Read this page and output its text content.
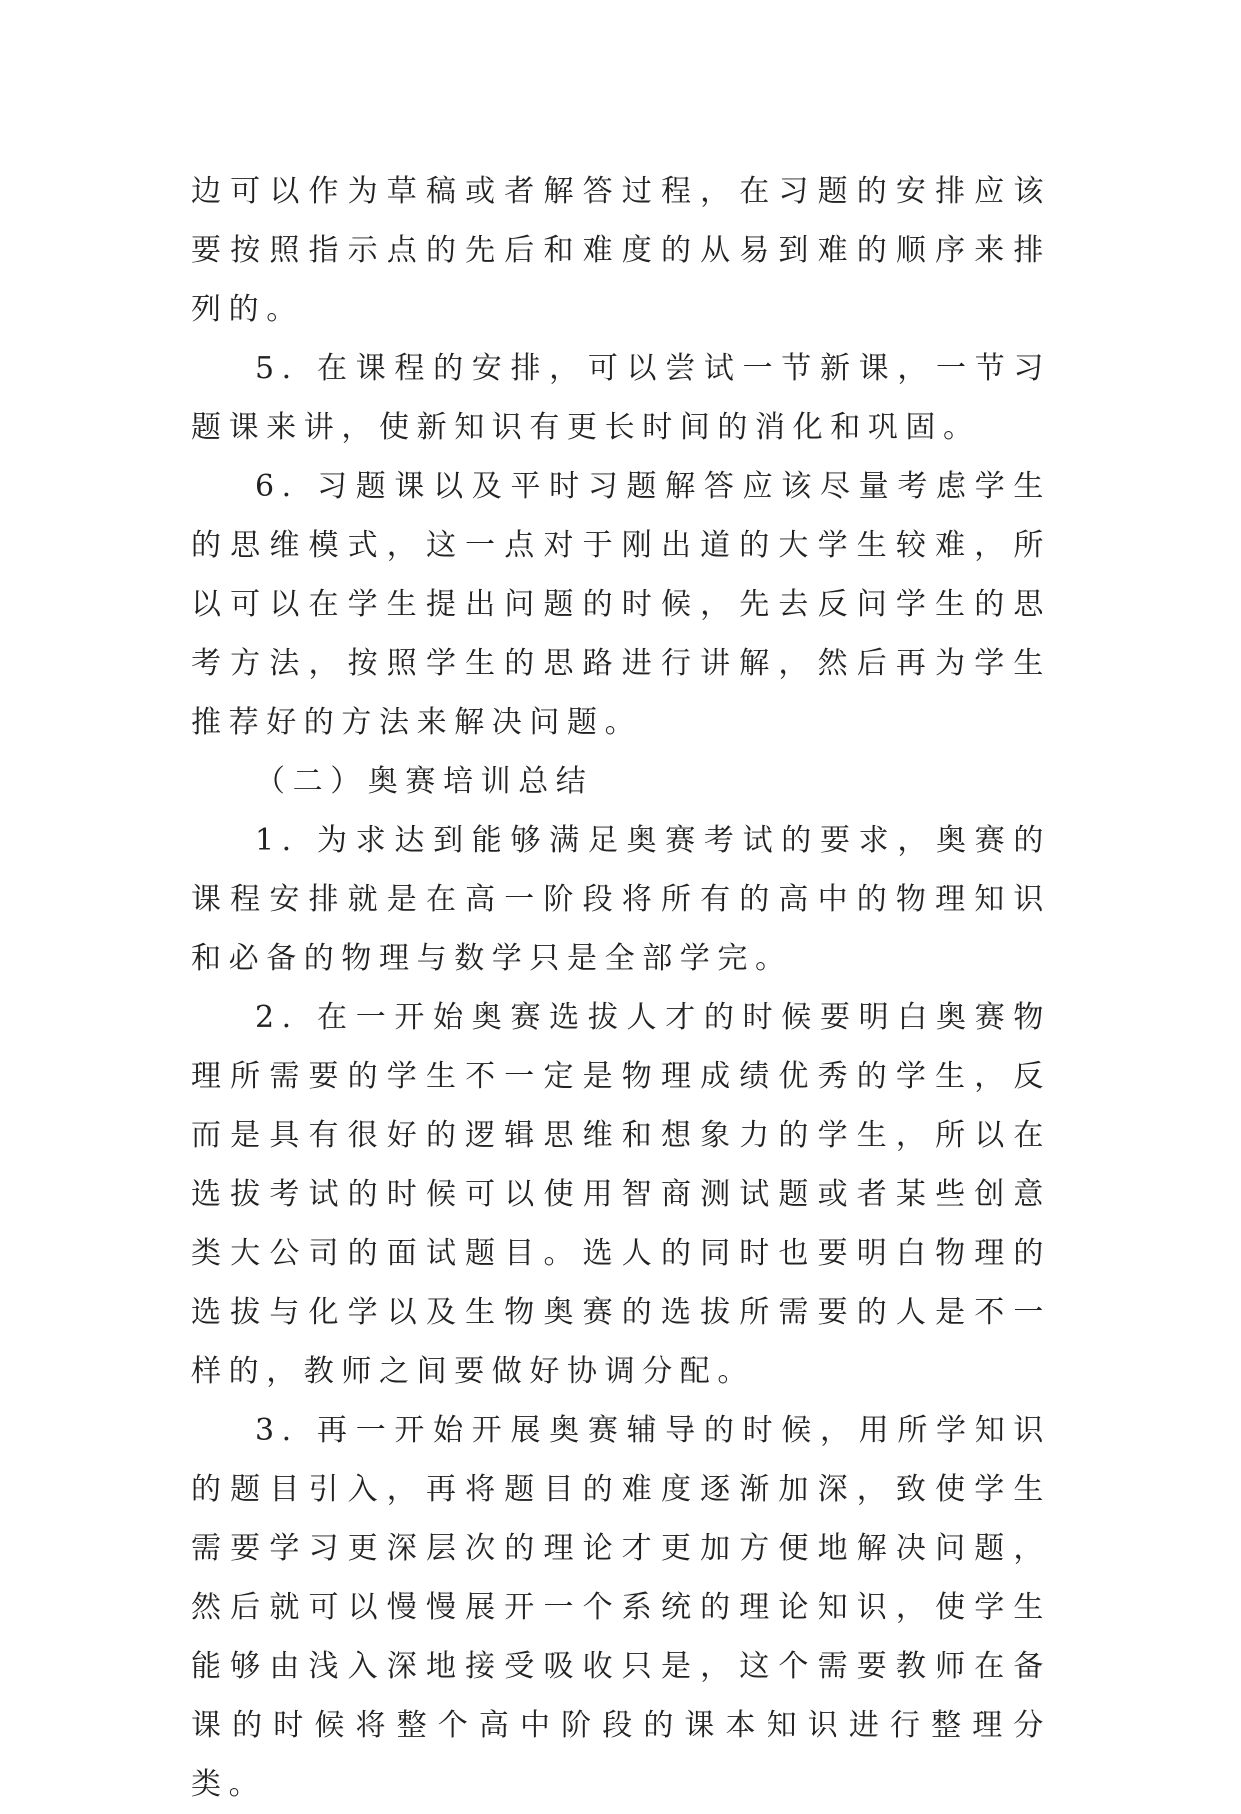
边可以作为草稿或者解答过程，在习题的安排应该要按照指示点的先后和难度的从易到难的顺序来排列的。

5. 在课程的安排，可以尝试一节新课，一节习题课来讲，使新知识有更长时间的消化和巩固。

6. 习题课以及平时习题解答应该尽量考虑学生的思维模式，这一点对于刚出道的大学生较难，所以可以在学生提出问题的时候，先去反问学生的思考方法，按照学生的思路进行讲解，然后再为学生推荐好的方法来解决问题。

（二）奥赛培训总结

1. 为求达到能够满足奥赛考试的要求，奥赛的课程安排就是在高一阶段将所有的高中的物理知识和必备的物理与数学只是全部学完。

2. 在一开始奥赛选拔人才的时候要明白奥赛物理所需要的学生不一定是物理成绩优秀的学生，反而是具有很好的逻辑思维和想象力的学生，所以在选拔考试的时候可以使用智商测试题或者某些创意类大公司的面试题目。选人的同时也要明白物理的选拔与化学以及生物奥赛的选拔所需要的人是不一样的，教师之间要做好协调分配。

3. 再一开始开展奥赛辅导的时候，用所学知识的题目引入，再将题目的难度逐渐加深，致使学生需要学习更深层次的理论才更加方便地解决问题，然后就可以慢慢展开一个系统的理论知识，使学生能够由浅入深地接受吸收只是，这个需要教师在备课的时候将整个高中阶段的课本知识进行整理分类。
